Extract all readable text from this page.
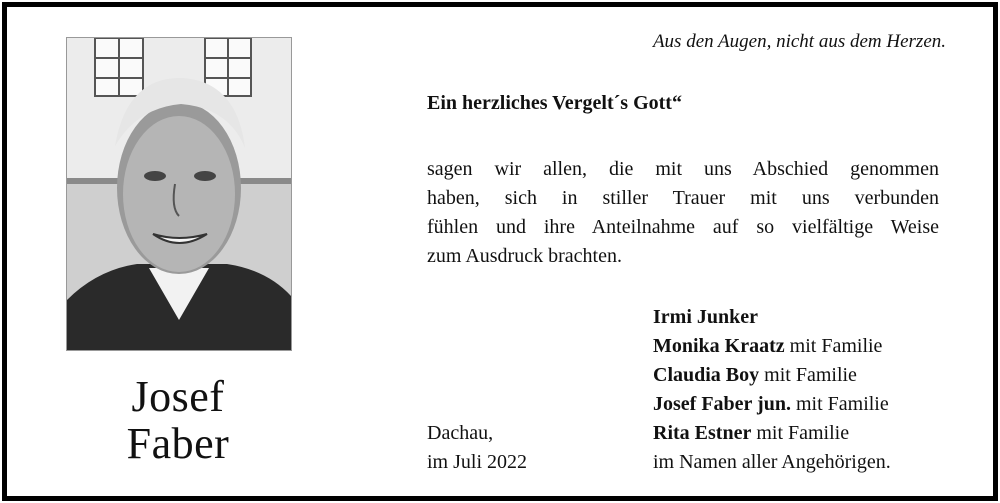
Josef
Faber
Aus den Augen, nicht aus dem Herzen.
Ein herzliches Vergelt´s Gott“
sagen wir allen, die mit uns Abschied genommen
haben, sich in stiller Trauer mit uns verbunden
fühlen und ihre Anteilnahme auf so vielfältige Weise
zum Ausdruck brachten.
Dachau,
im Juli 2022
Irmi Junker
Monika Kraatz mit Familie
Claudia Boy mit Familie
Josef Faber jun. mit Familie
Rita Estner mit Familie
im Namen aller Angehörigen.
